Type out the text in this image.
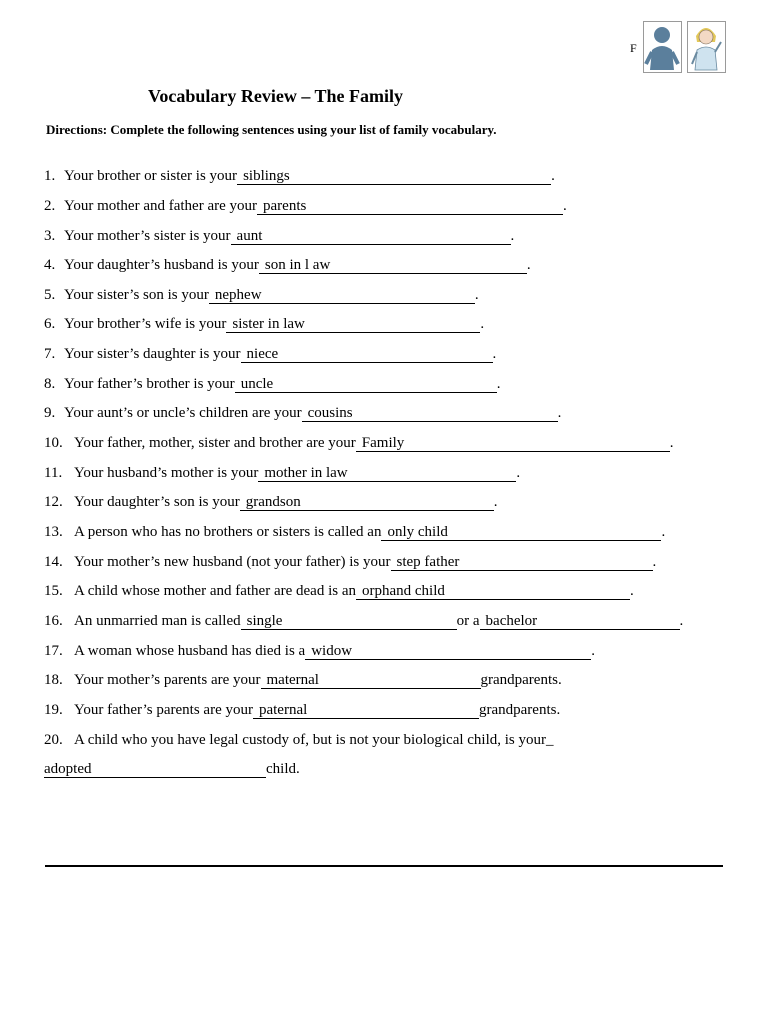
F
Vocabulary Review – The Family
Directions: Complete the following sentences using your list of family vocabulary.
1. Your brother or sister is your siblings	.
2. Your mother and father are your parents	.
3. Your mother’s sister is your aunt	.
4. Your daughter’s husband is your son in l aw	.
5. Your sister’s son is your nephew	.
6. Your brother’s wife is your sister in law	.
7. Your sister’s daughter is your niece	.
8. Your father’s brother is your uncle	.
9. Your aunt’s or uncle’s children are your cousins	.
10. Your father, mother, sister and brother are your Family	.
11. Your husband’s mother is your mother in law	.
12. Your daughter’s son is your grandson	.
13. A person who has no brothers or sisters is called an only child	.
14. Your mother’s new husband (not your father) is your step father	.
15. A child whose mother and father are dead is an orphand child	.
16. An unmarried man is called single	or a bachelor	.
17. A woman whose husband has died is a widow	.
18. Your mother’s parents are your maternal	grandparents.
19. Your father’s parents are your paternal	grandparents.
20. A child who you have legal custody of, but is not your biological child, is your_
adopted	child.
